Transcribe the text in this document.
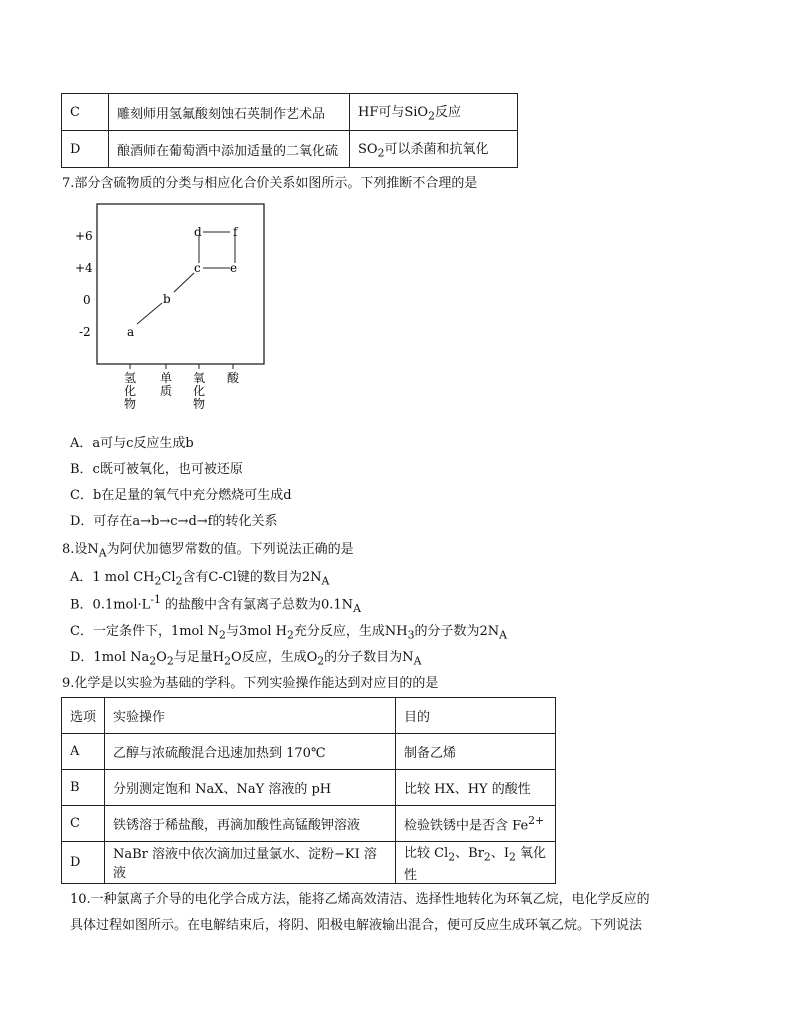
C	雕刻师用氢氟酸刻蚀石英制作艺术品	HF可与SiO$_2$反应
D	酿酒师在葡萄酒中添加适量的二氧化硫	$SO_2$可以杀菌和抗氧化
7.部分含硫物质的分类与相应化合价关系如图所示。下列推断不合理的是
+6
+4
0
-2
氢
化
物
单
质
氧
化
物
酸
a
b
c
d
e
f
A．a可与c反应生成b
B．c既可被氧化，也可被还原
C．b在足量的氧气中充分燃烧可生成d
D．可存在a→b→c→d→f的转化关系
8.设$N_A$为阿伏加德罗常数的值。下列说法正确的是
A．1 mol $CH_2Cl_2$含有C-Cl键的数目为$2N_A$
B．$0.1mol\cdot L^{-1}$ 的盐酸中含有氯离子总数为$0.1N_A$
C．一定条件下，1mol $N_2$与3mol $H_2$充分反应，生成$NH_3$的分子数为$2N_A$
D．1mol $Na_2O_2$与足量$H_2O$反应，生成$O_2$的分子数目为$N_A$
9.化学是以实验为基础的学科。下列实验操作能达到对应目的的是
选项	实验操作	目的
A	乙醇与浓硫酸混合迅速加热到 170℃	制备乙烯
B	分别测定饱和 NaX、NaY 溶液的 pH	比较 HX、HY 的酸性
C	铁锈溶于稀盐酸，再滴加酸性高锰酸钾溶液	检验铁锈中是否含 $Fe^{2+}$
D	NaBr 溶液中依次滴加过量氯水、淀粉−KI 溶液	比较 $Cl_2$、$Br_2$、$I_2$ 氧化性
10.一种氯离子介导的电化学合成方法，能将乙烯高效清洁、选择性地转化为环氧乙烷，电化学反应的
具体过程如图所示。在电解结束后，将阴、阳极电解液输出混合，便可反应生成环氧乙烷。下列说法
